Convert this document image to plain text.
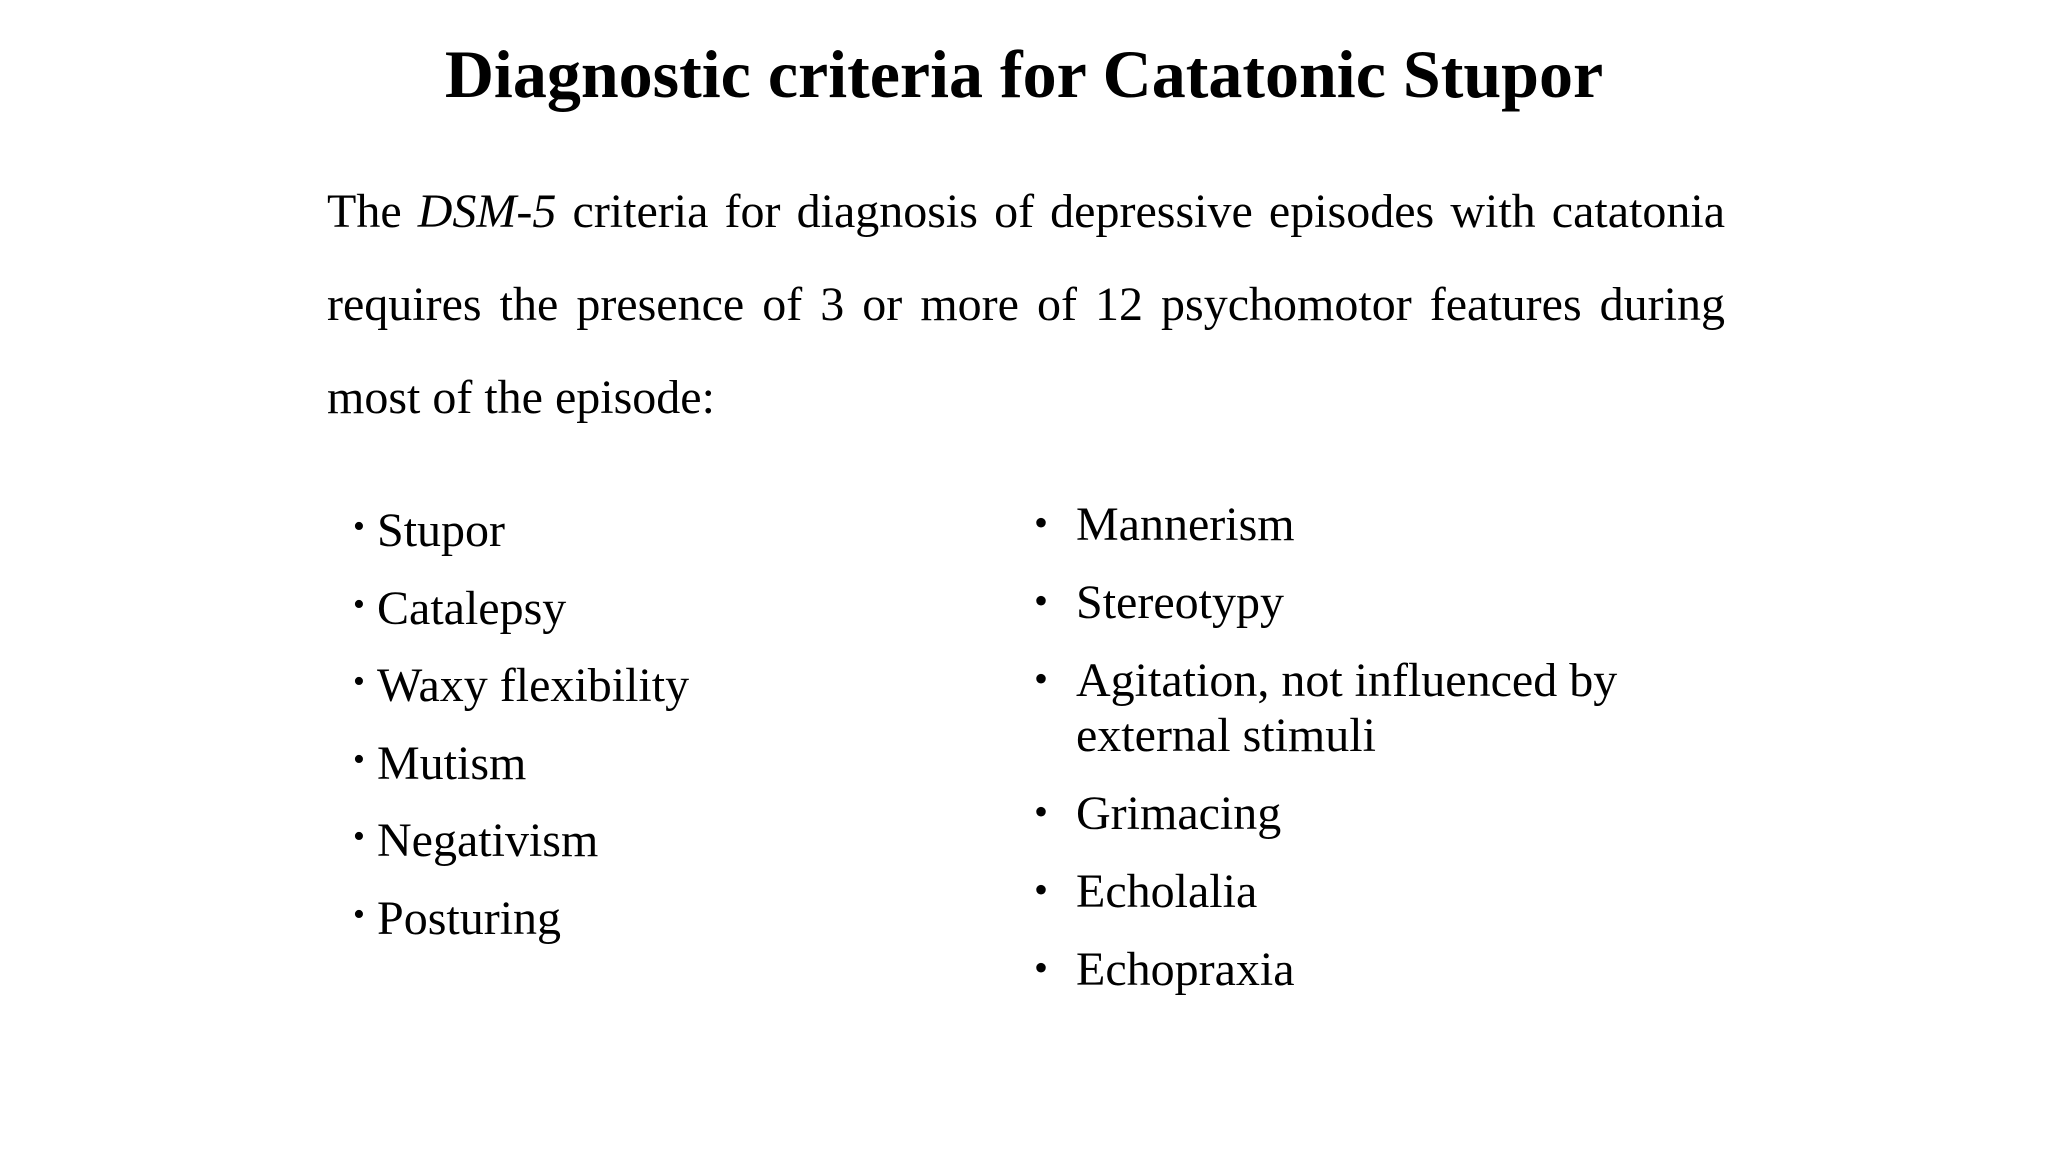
Diagnostic criteria for Catatonic Stupor

The DSM-5 criteria for diagnosis of depressive episodes with catatonia requires the presence of 3 or more of 12 psychomotor features during most of the episode:

• Stupor
• Catalepsy
• Waxy flexibility
• Mutism
• Negativism
• Posturing
• Mannerism
• Stereotypy
• Agitation, not influenced by external stimuli
• Grimacing
• Echolalia
• Echopraxia
